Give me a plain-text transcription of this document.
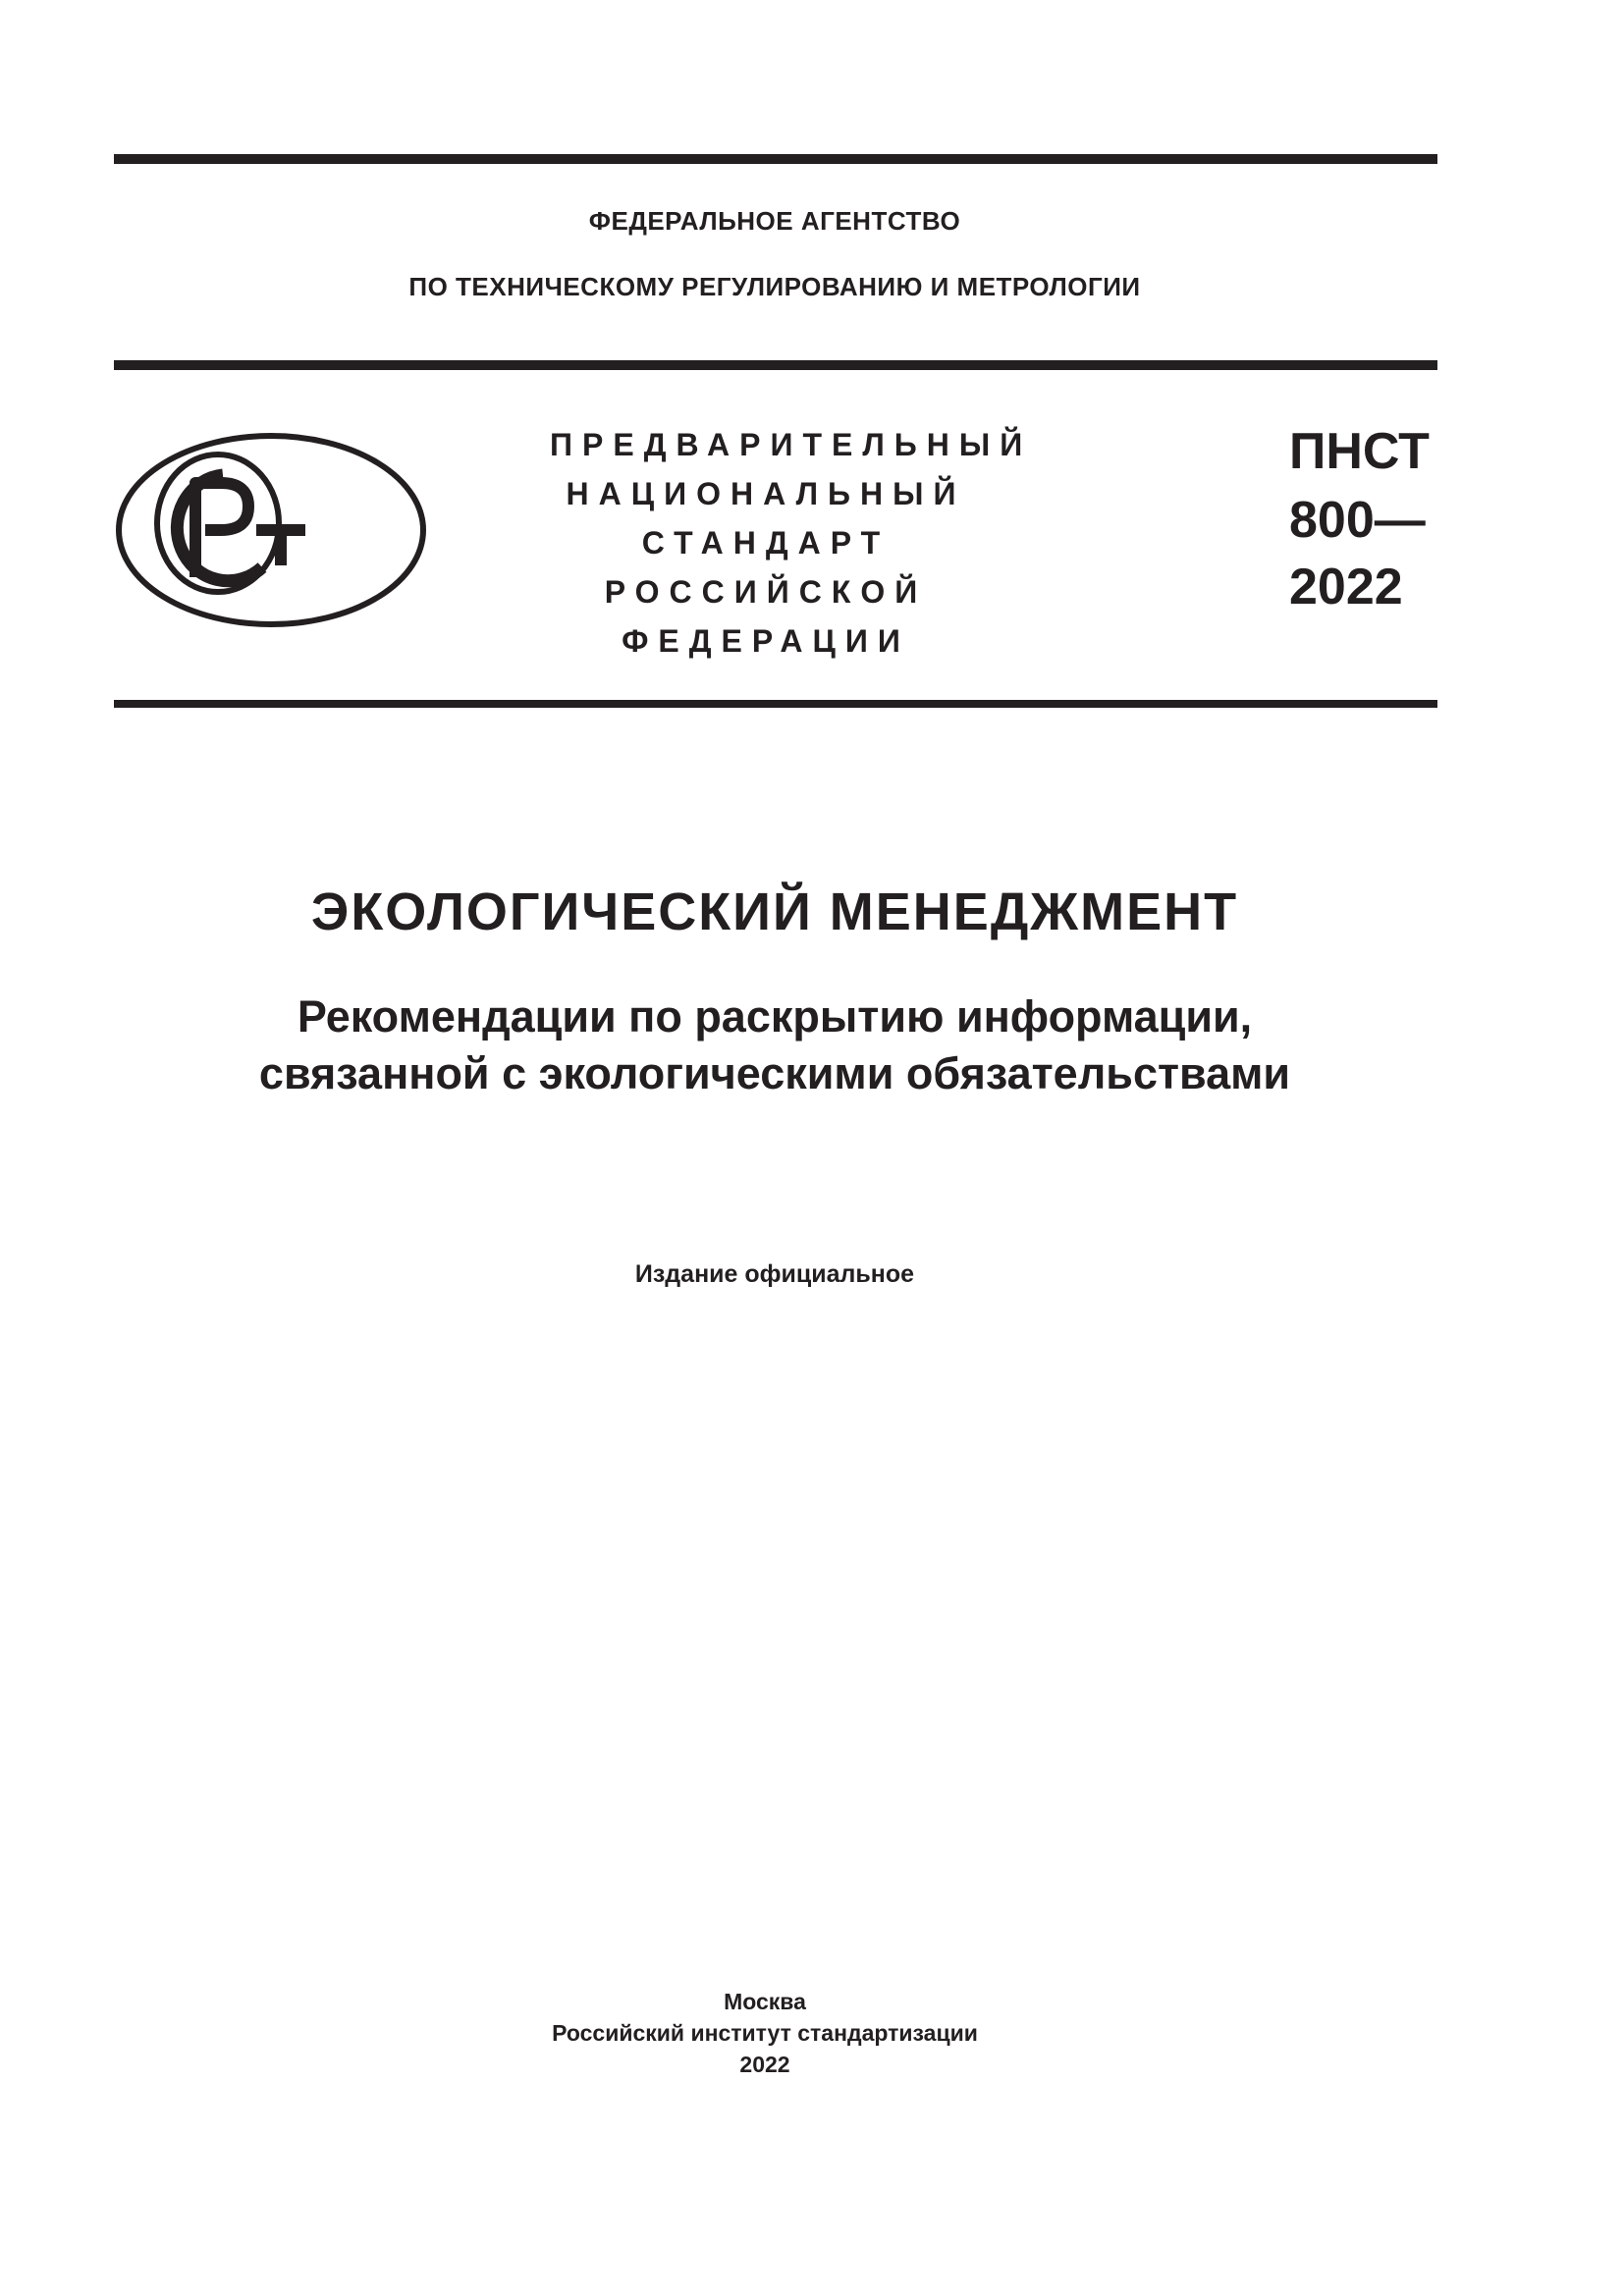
ФЕДЕРАЛЬНОЕ АГЕНТСТВО
ПО ТЕХНИЧЕСКОМУ РЕГУЛИРОВАНИЮ И МЕТРОЛОГИИ
ПРЕДВАРИТЕЛЬНЫЙ
НАЦИОНАЛЬНЫЙ
СТАНДАРТ
РОССИЙСКОЙ
ФЕДЕРАЦИИ
ПНСТ
800—
2022
ЭКОЛОГИЧЕСКИЙ МЕНЕДЖМЕНТ
Рекомендации по раскрытию информации,
связанной с экологическими обязательствами
Издание официальное
Москва
Российский институт стандартизации
2022
